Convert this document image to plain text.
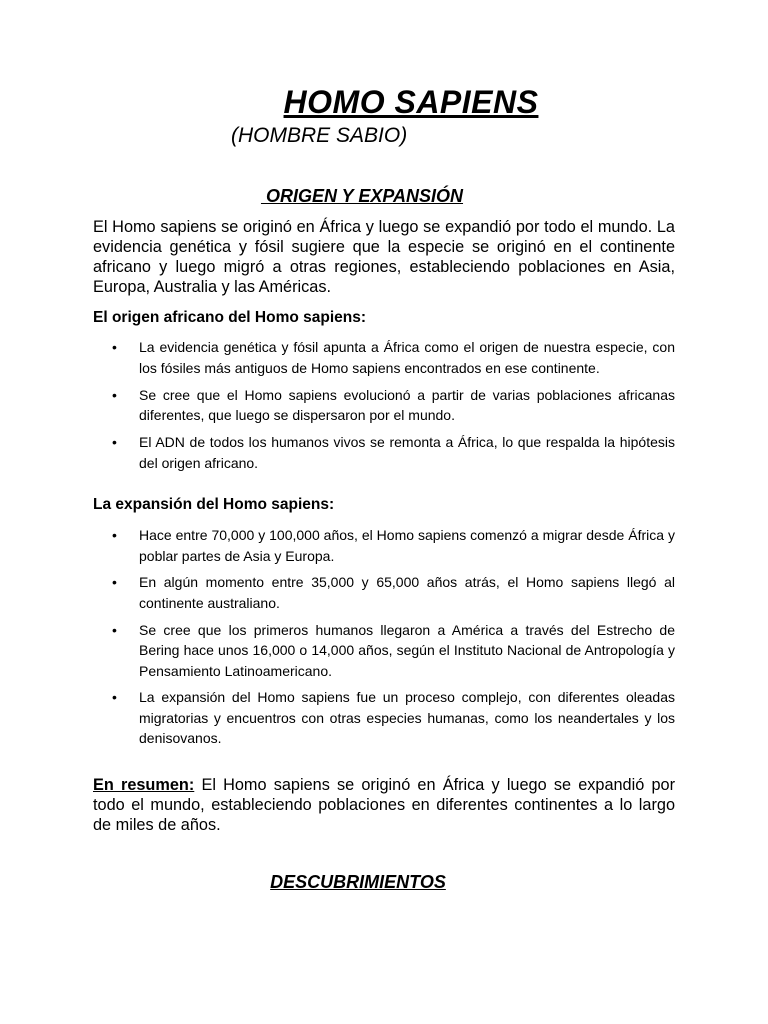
HOMO SAPIENS
(HOMBRE SABIO)
ORIGEN Y EXPANSIÓN

El Homo sapiens se originó en África y luego se expandió por todo el mundo. La evidencia genética y fósil sugiere que la especie se originó en el continente africano y luego migró a otras regiones, estableciendo poblaciones en Asia, Europa, Australia y las Américas.

El origen africano del Homo sapiens:
• La evidencia genética y fósil apunta a África como el origen de nuestra especie, con los fósiles más antiguos de Homo sapiens encontrados en ese continente.
• Se cree que el Homo sapiens evolucionó a partir de varias poblaciones africanas diferentes, que luego se dispersaron por el mundo.
• El ADN de todos los humanos vivos se remonta a África, lo que respalda la hipótesis del origen africano.
La expansión del Homo sapiens:
• Hace entre 70,000 y 100,000 años, el Homo sapiens comenzó a migrar desde África y poblar partes de Asia y Europa.
• En algún momento entre 35,000 y 65,000 años atrás, el Homo sapiens llegó al continente australiano.
• Se cree que los primeros humanos llegaron a América a través del Estrecho de Bering hace unos 16,000 o 14,000 años, según el Instituto Nacional de Antropología y Pensamiento Latinoamericano.
• La expansión del Homo sapiens fue un proceso complejo, con diferentes oleadas migratorias y encuentros con otras especies humanas, como los neandertales y los denisovanos.

En resumen: El Homo sapiens se originó en África y luego se expandió por todo el mundo, estableciendo poblaciones en diferentes continentes a lo largo de miles de años.

DESCUBRIMIENTOS
